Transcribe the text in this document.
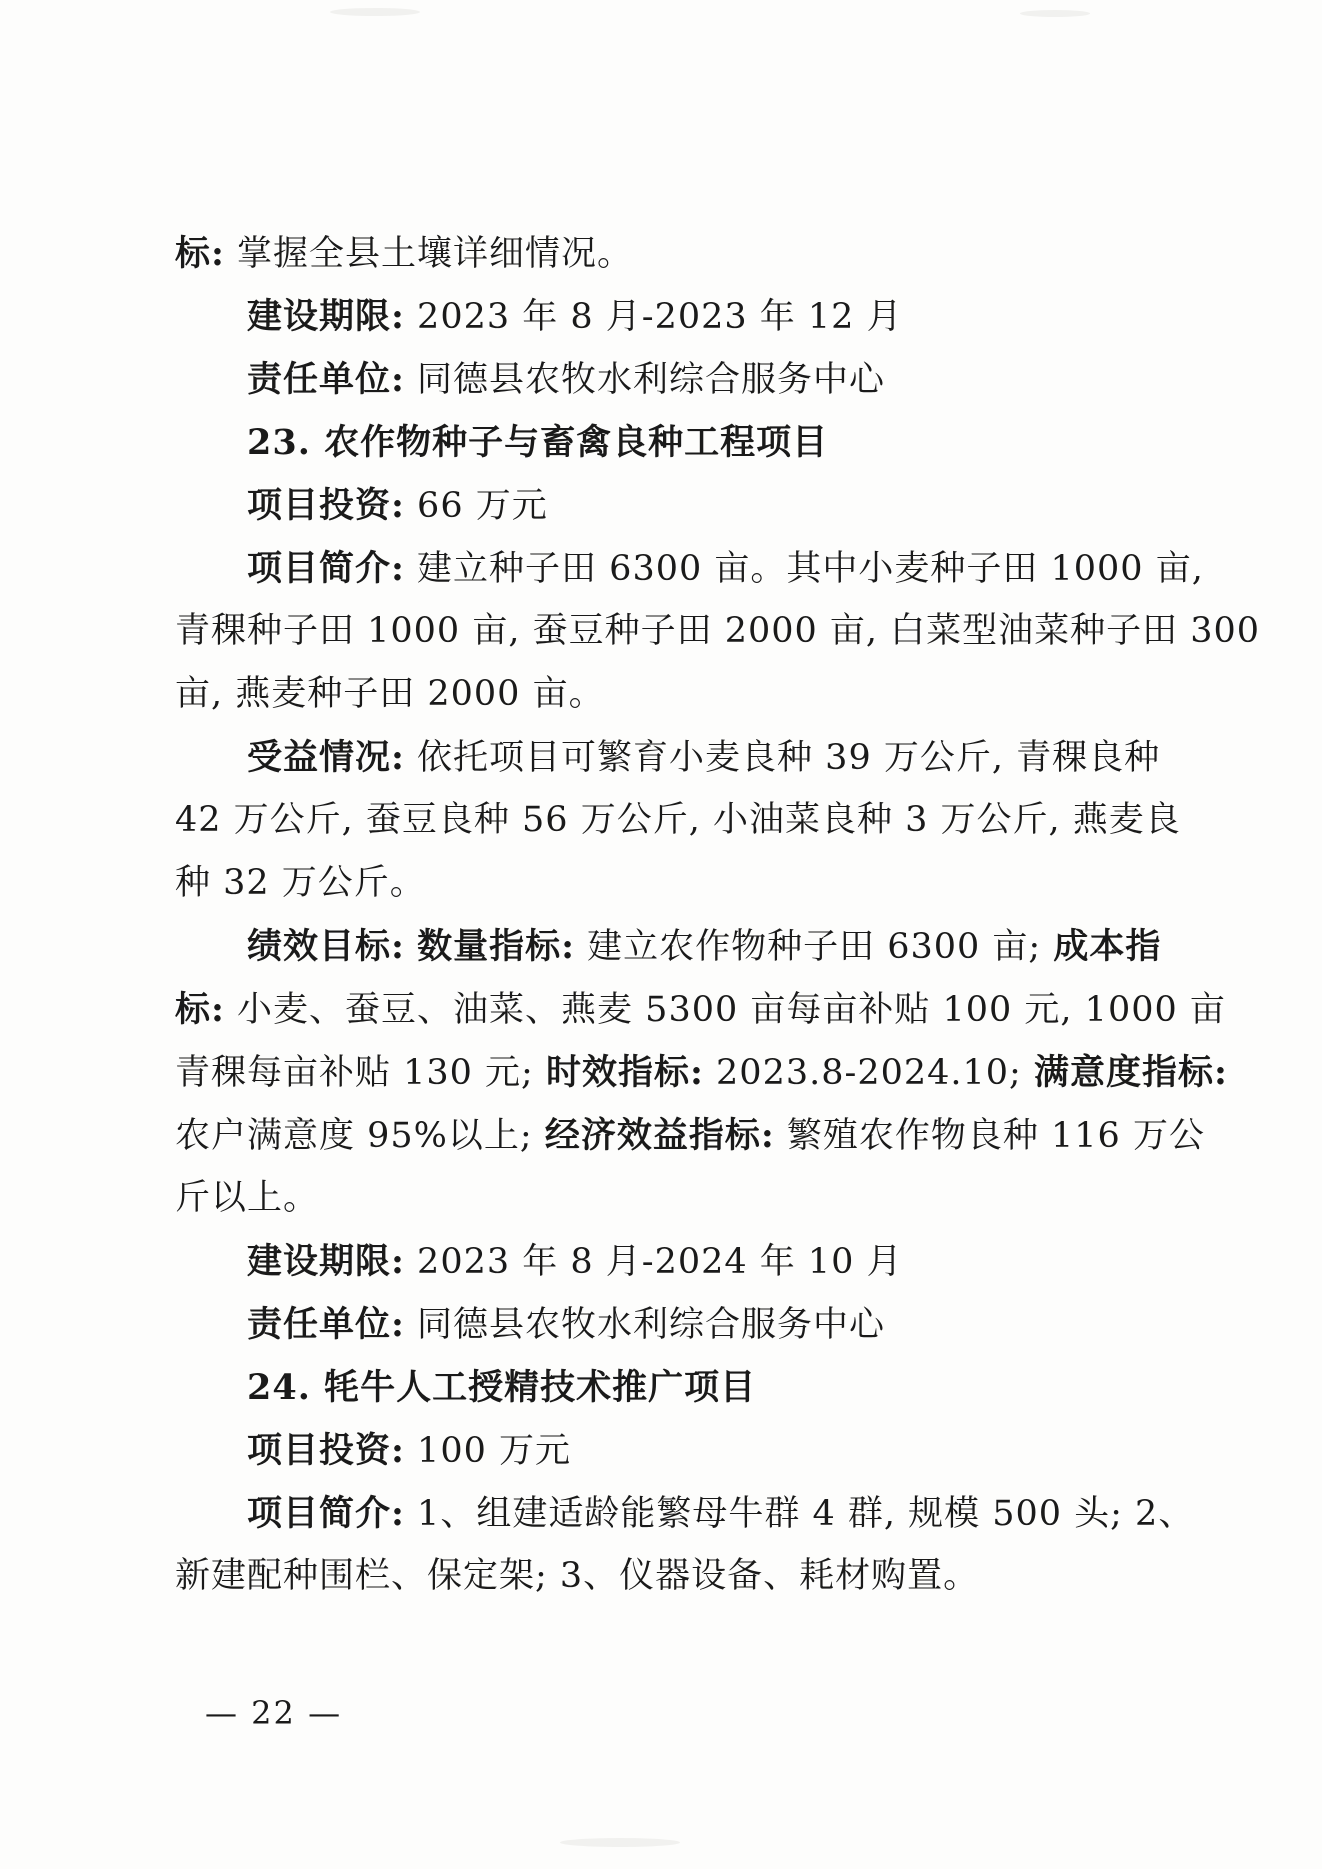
标: 掌握全县土壤详细情况。
建设期限: 2023 年 8 月-2023 年 12 月
责任单位: 同德县农牧水利综合服务中心
23. 农作物种子与畜禽良种工程项目
项目投资: 66 万元
项目简介: 建立种子田 6300 亩。其中小麦种子田 1000 亩,
青稞种子田 1000 亩, 蚕豆种子田 2000 亩, 白菜型油菜种子田 300
亩, 燕麦种子田 2000 亩。
受益情况: 依托项目可繁育小麦良种 39 万公斤, 青稞良种
42 万公斤, 蚕豆良种 56 万公斤, 小油菜良种 3 万公斤, 燕麦良
种 32 万公斤。
绩效目标: 数量指标: 建立农作物种子田 6300 亩; 成本指
标: 小麦、蚕豆、油菜、燕麦 5300 亩每亩补贴 100 元, 1000 亩
青稞每亩补贴 130 元; 时效指标: 2023.8-2024.10; 满意度指标:
农户满意度 95%以上; 经济效益指标: 繁殖农作物良种 116 万公
斤以上。
建设期限: 2023 年 8 月-2024 年 10 月
责任单位: 同德县农牧水利综合服务中心
24. 牦牛人工授精技术推广项目
项目投资: 100 万元
项目简介: 1、组建适龄能繁母牛群 4 群, 规模 500 头; 2、
新建配种围栏、保定架; 3、仪器设备、耗材购置。
— 22 —
